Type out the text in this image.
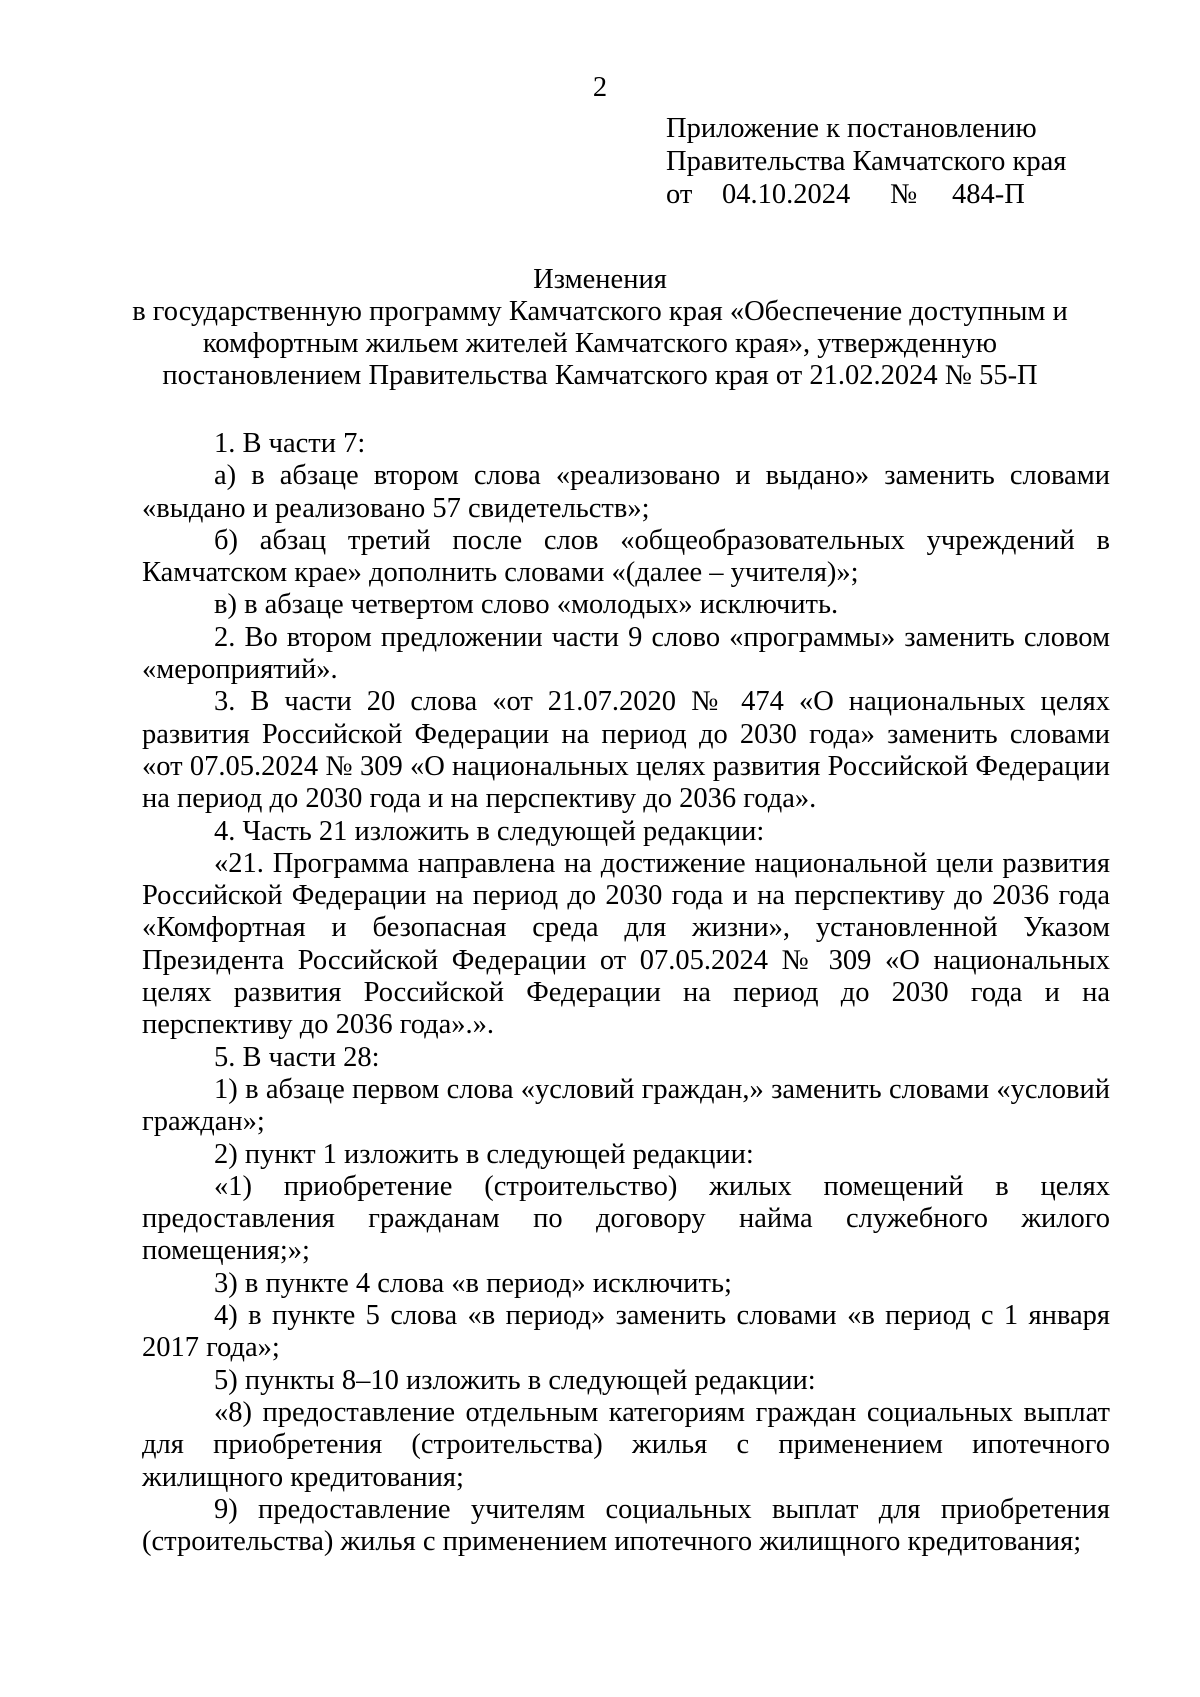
2
Приложение к постановлению
Правительства Камчатского края
от 04.10.2024 № 484-П
Изменения
в государственную программу Камчатского края «Обеспечение доступным и
комфортным жильем жителей Камчатского края», утвержденную
постановлением Правительства Камчатского края от 21.02.2024 № 55-П

1. В части 7:

а) в абзаце втором слова «реализовано и выдано» заменить словами «выдано и реализовано 57 свидетельств»;

б) абзац третий после слов «общеобразовательных учреждений в Камчатском крае» дополнить словами «(далее – учителя)»;

в) в абзаце четвертом слово «молодых» исключить.

2. Во втором предложении части 9 слово «программы» заменить словом «мероприятий».

3. В части 20 слова «от 21.07.2020 № 474 «О национальных целях развития Российской Федерации на период до 2030 года» заменить словами «от 07.05.2024 № 309 «О национальных целях развития Российской Федерации на период до 2030 года и на перспективу до 2036 года».

4. Часть 21 изложить в следующей редакции:

«21. Программа направлена на достижение национальной цели развития Российской Федерации на период до 2030 года и на перспективу до 2036 года «Комфортная и безопасная среда для жизни», установленной Указом Президента Российской Федерации от 07.05.2024 № 309 «О национальных целях развития Российской Федерации на период до 2030 года и на перспективу до 2036 года».».

5. В части 28:

1) в абзаце первом слова «условий граждан,» заменить словами «условий граждан»;

2) пункт 1 изложить в следующей редакции:

«1) приобретение (строительство) жилых помещений в целях предоставления гражданам по договору найма служебного жилого помещения;»;

3) в пункте 4 слова «в период» исключить;

4) в пункте 5 слова «в период» заменить словами «в период с 1 января 2017 года»;

5) пункты 8–10 изложить в следующей редакции:

«8) предоставление отдельным категориям граждан социальных выплат для приобретения (строительства) жилья с применением ипотечного жилищного кредитования;

9) предоставление учителям социальных выплат для приобретения (строительства) жилья с применением ипотечного жилищного кредитования;
